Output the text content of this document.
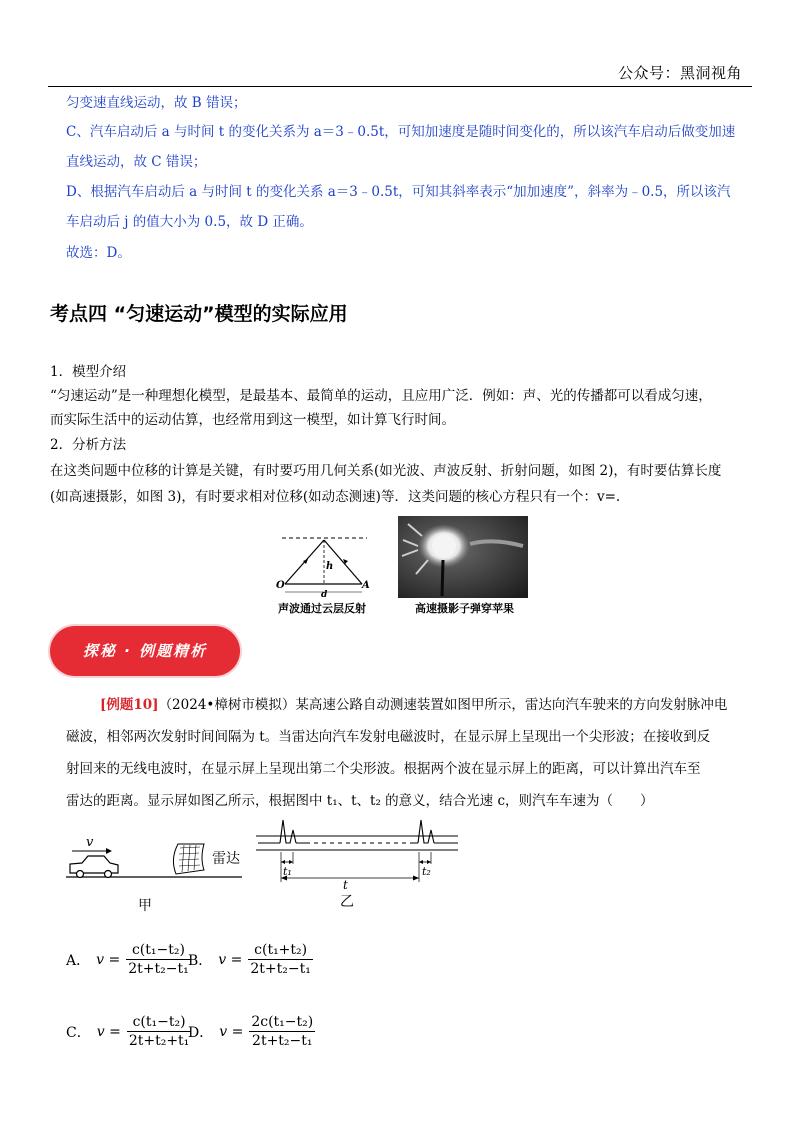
公众号：黑洞视角
匀变速直线运动，故 B 错误；
C、汽车启动后 a 与时间 t 的变化关系为 a＝3﹣0.5t，可知加速度是随时间变化的，所以该汽车启动后做变加速
直线运动，故 C 错误；
D、根据汽车启动后 a 与时间 t 的变化关系 a＝3﹣0.5t，可知其斜率表示“加加速度”，斜率为﹣0.5，所以该汽
车启动后 j 的值大小为 0.5，故 D 正确。
故选：D。
考点四 “匀速运动”模型的实际应用
1．模型介绍
“匀速运动”是一种理想化模型，是最基本、最简单的运动，且应用广泛．例如：声、光的传播都可以看成匀速，
而实际生活中的运动估算，也经常用到这一模型，如计算飞行时间。
2．分析方法
在这类问题中位移的计算是关键，有时要巧用几何关系(如光波、声波反射、折射问题，如图 2)，有时要估算长度
(如高速摄影，如图 3)，有时要求相对位移(如动态测速)等．这类问题的核心方程只有一个：v=.
O	A
h
d
声波通过云层反射	高速摄影子弹穿苹果
探秘 · 例题精析
[例题10]（2024•樟树市模拟）某高速公路自动测速装置如图甲所示，雷达向汽车驶来的方向发射脉冲电
磁波，相邻两次发射时间间隔为 t。当雷达向汽车发射电磁波时，在显示屏上呈现出一个尖形波；在接收到反
射回来的无线电波时，在显示屏上呈现出第二个尖形波。根据两个波在显示屏上的距离，可以计算出汽车至
雷达的距离。显示屏如图乙所示，根据图中 t₁、t、t₂ 的意义，结合光速 c，则汽车车速为（　　）
v
雷达
甲
t₁	t₂
t
乙
A． $v = \frac{\text{c(t₁−t₂)}}{\text{2t+t₂−t₁}}$
B． $v = \frac{\text{c(t₁+t₂)}}{\text{2t+t₂−t₁}}$
C． $v = \frac{\text{c(t₁−t₂)}}{\text{2t+t₂+t₁}}$
D． $v = \frac{\text{2c(t₁−t₂)}}{\text{2t+t₂−t₁}}$
